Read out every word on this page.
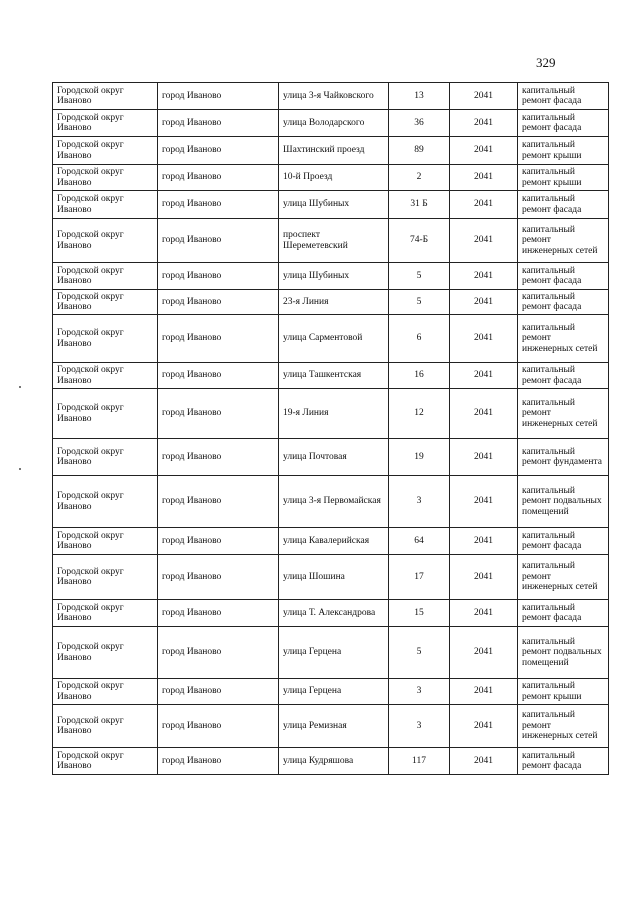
329
Городской округ Иваново	город Иваново	улица 3-я Чайковского	13	2041	капитальный ремонт фасада
Городской округ Иваново	город Иваново	улица Володарского	36	2041	капитальный ремонт фасада
Городской округ Иваново	город Иваново	Шахтинский проезд	89	2041	капитальный ремонт крыши
Городской округ Иваново	город Иваново	10-й Проезд	2	2041	капитальный ремонт крыши
Городской округ Иваново	город Иваново	улица Шубиных	31 Б	2041	капитальный ремонт фасада
Городской округ Иваново	город Иваново	проспект Шереметевский	74-Б	2041	капитальный ремонт инженерных сетей
Городской округ Иваново	город Иваново	улица Шубиных	5	2041	капитальный ремонт фасада
Городской округ Иваново	город Иваново	23-я Линия	5	2041	капитальный ремонт фасада
Городской округ Иваново	город Иваново	улица Сарментовой	6	2041	капитальный ремонт инженерных сетей
Городской округ Иваново	город Иваново	улица Ташкентская	16	2041	капитальный ремонт фасада
Городской округ Иваново	город Иваново	19-я Линия	12	2041	капитальный ремонт инженерных сетей
Городской округ Иваново	город Иваново	улица Почтовая	19	2041	капитальный ремонт фундамента
Городской округ Иваново	город Иваново	улица 3-я Первомайская	3	2041	капитальный ремонт подвальных помещений
Городской округ Иваново	город Иваново	улица Кавалерийская	64	2041	капитальный ремонт фасада
Городской округ Иваново	город Иваново	улица Шошина	17	2041	капитальный ремонт инженерных сетей
Городской округ Иваново	город Иваново	улица Т. Александрова	15	2041	капитальный ремонт фасада
Городской округ Иваново	город Иваново	улица Герцена	5	2041	капитальный ремонт подвальных помещений
Городской округ Иваново	город Иваново	улица Герцена	3	2041	капитальный ремонт крыши
Городской округ Иваново	город Иваново	улица Ремизная	3	2041	капитальный ремонт инженерных сетей
Городской округ Иваново	город Иваново	улица Кудряшова	117	2041	капитальный ремонт фасада
